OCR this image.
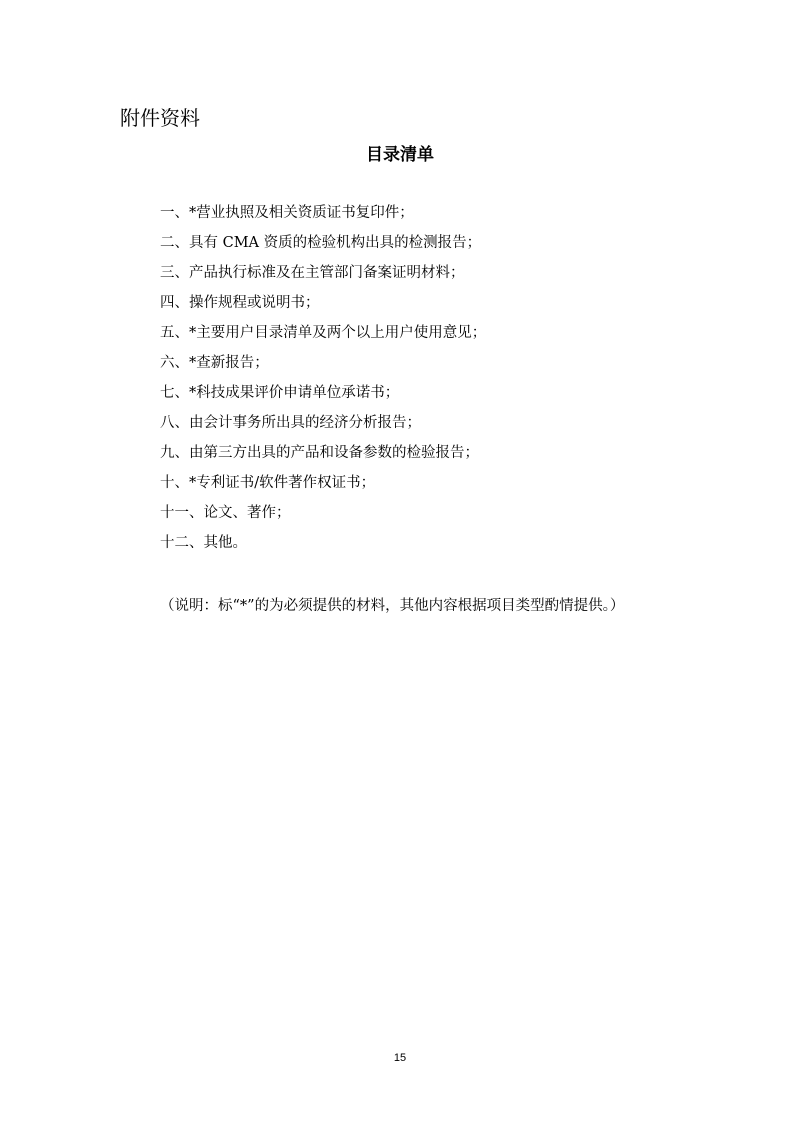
附件资料
目录清单
一、*营业执照及相关资质证书复印件；
二、具有 CMA 资质的检验机构出具的检测报告；
三、产品执行标准及在主管部门备案证明材料；
四、操作规程或说明书；
五、*主要用户目录清单及两个以上用户使用意见；
六、*查新报告；
七、*科技成果评价申请单位承诺书；
八、由会计事务所出具的经济分析报告；
九、由第三方出具的产品和设备参数的检验报告；
十、*专利证书/软件著作权证书；
十一、论文、著作；
十二、其他。

（说明：标“*”的为必须提供的材料，其他内容根据项目类型酌情提供。）

15
